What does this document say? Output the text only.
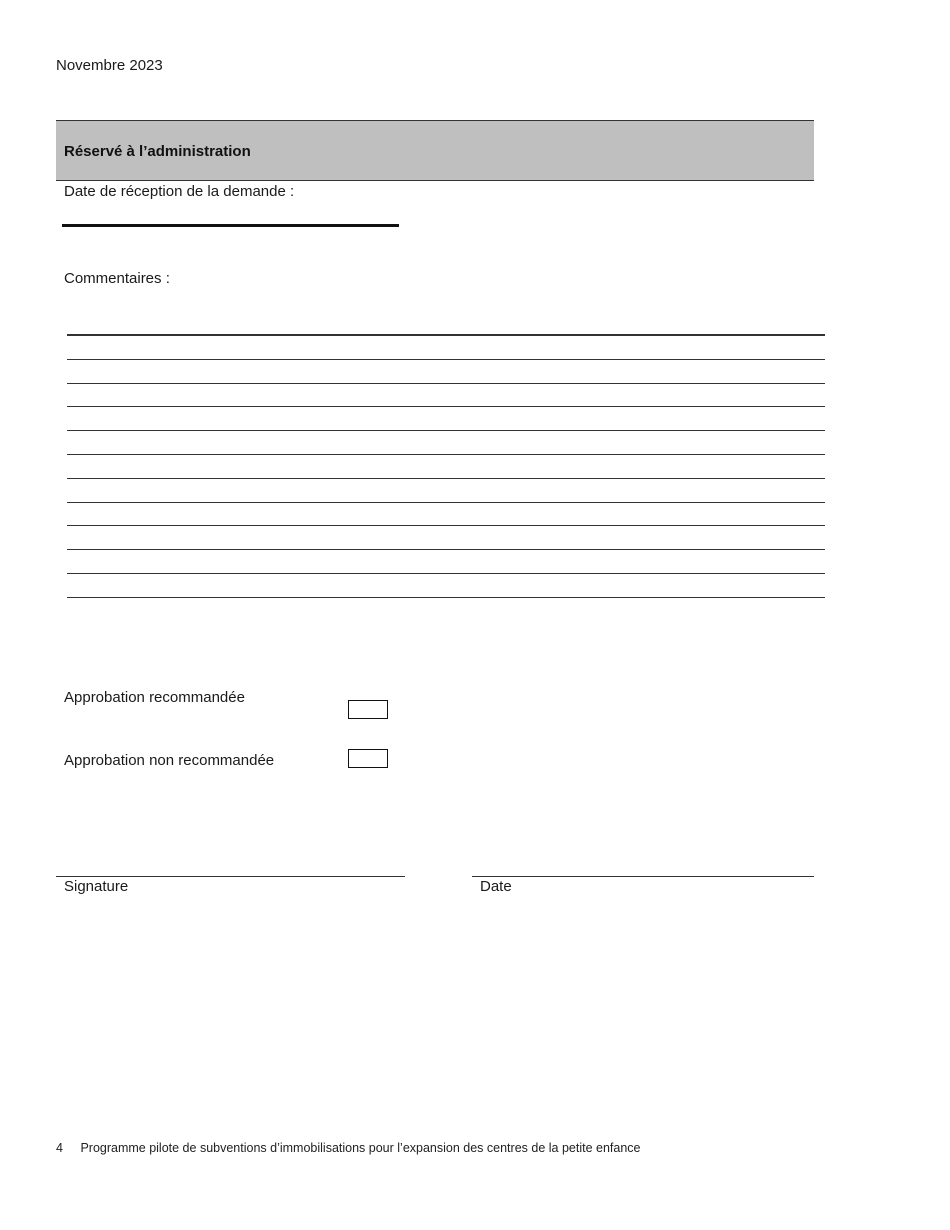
Novembre 2023
Réservé à l’administration
Date de réception de la demande :
Commentaires :
Approbation recommandée
Approbation non recommandée
Signature	Date
4 Programme pilote de subventions d’immobilisations pour l’expansion des centres de la petite enfance
